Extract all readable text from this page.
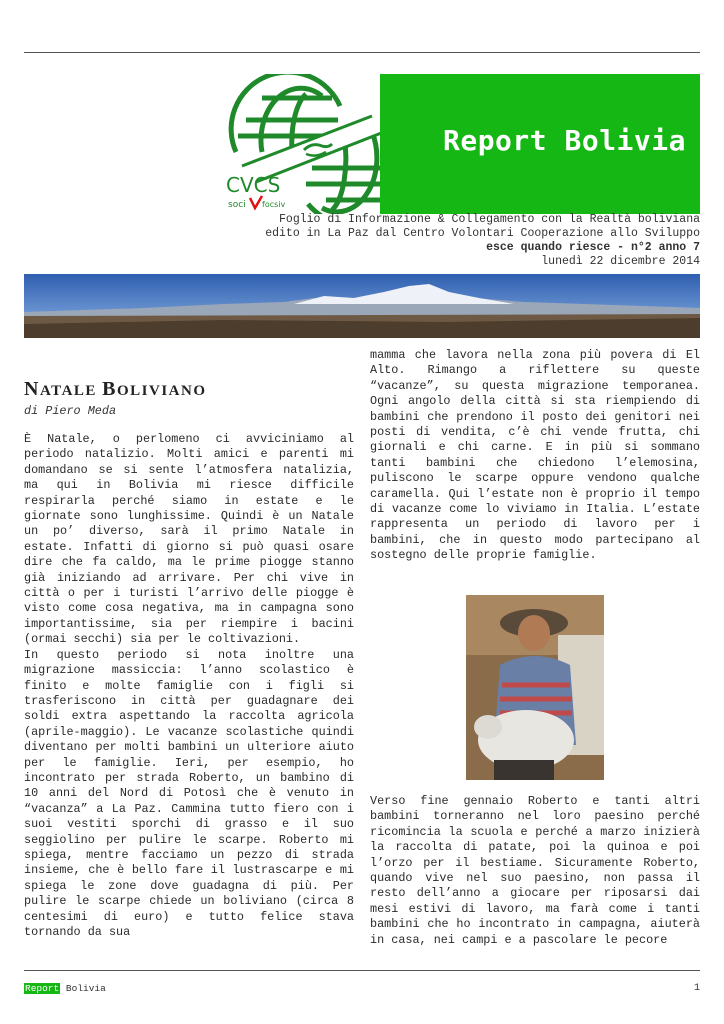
CVCS
soci focsiv
Report Bolivia
Foglio di Informazione & Collegamento con la Realtà boliviana
edito in La Paz dal Centro Volontari Cooperazione allo Sviluppo
esce quando riesce - n°2 anno 7
lunedì 22 dicembre 2014
NATALE BOLIVIANO
di Piero Meda

È Natale, o perlomeno ci avviciniamo al periodo natalizio. Molti amici e parenti mi domandano se si sente l’atmosfera natalizia, ma qui in Bolivia mi riesce difficile respirarla perché siamo in estate e le giornate sono lunghissime. Quindi è un Natale un po’ diverso, sarà il primo Natale in estate. Infatti di giorno si può quasi osare dire che fa caldo, ma le prime piogge stanno già iniziando ad arrivare. Per chi vive in città o per i turisti l’arrivo delle piogge è visto come cosa negativa, ma in campagna sono importantissime, sia per riempire i bacini (ormai secchi) sia per le coltivazioni.

In questo periodo si nota inoltre una migrazione massiccia: l’anno scolastico è finito e molte famiglie con i figli si trasferiscono in città per guadagnare dei soldi extra aspettando la raccolta agricola (aprile-maggio). Le vacanze scolastiche quindi diventano per molti bambini un ulteriore aiuto per le famiglie. Ieri, per esempio, ho incontrato per strada Roberto, un bambino di 10 anni del Nord di Potosì che è venuto in “vacanza” a La Paz. Cammina tutto fiero con i suoi vestiti sporchi di grasso e il suo seggiolino per pulire le scarpe. Roberto mi spiega, mentre facciamo un pezzo di strada insieme, che è bello fare il lustrascarpe e mi spiega le zone dove guadagna di più. Per pulire le scarpe chiede un boliviano (circa 8 centesimi di euro) e tutto felice stava tornando da sua

mamma che lavora nella zona più povera di El Alto. Rimango a riflettere su queste “vacanze”, su questa migrazione temporanea. Ogni angolo della città si sta riempiendo di bambini che prendono il posto dei genitori nei posti di vendita, c’è chi vende frutta, chi giornali e chi carne. E in più si sommano tanti bambini che chiedono l’elemosina, puliscono le scarpe oppure vendono qualche caramella. Qui l’estate non è proprio il tempo di vacanze come lo viviamo in Italia. L’estate rappresenta un periodo di lavoro per i bambini, che in questo modo partecipano al sostegno delle proprie famiglie.

Verso fine gennaio Roberto e tanti altri bambini torneranno nel loro paesino perché ricomincia la scuola e perché a marzo inizierà la raccolta di patate, poi la quinoa e poi l’orzo per il bestiame. Sicuramente Roberto, quando vive nel suo paesino, non passa il resto dell’anno a giocare per riposarsi dai mesi estivi di lavoro, ma farà come i tanti bambini che ho incontrato in campagna, aiuterà in casa, nei campi e a pascolare le pecore

Report Bolivia	1
